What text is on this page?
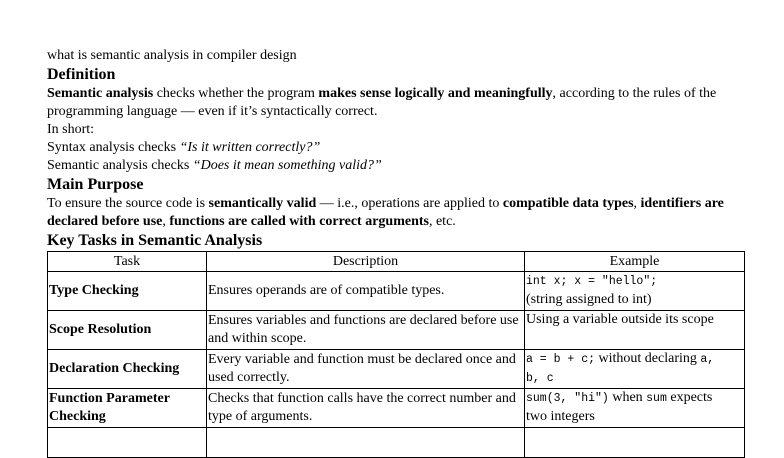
what is semantic analysis in compiler design
Definition
Semantic analysis checks whether the program makes sense logically and meaningfully, according to the rules of the programming language — even if it’s syntactically correct.
In short:
Syntax analysis checks “Is it written correctly?”
Semantic analysis checks “Does it mean something valid?”
Main Purpose
To ensure the source code is semantically valid — i.e., operations are applied to compatible data types, identifiers are declared before use, functions are called with correct arguments, etc.
Key Tasks in Semantic Analysis
Task	Description	Example
Type Checking	Ensures operands are of compatible types.	int x; x = "hello";
(string assigned to int)
Scope Resolution	Ensures variables and functions are declared before use and within scope.	Using a variable outside its scope
Declaration Checking	Every variable and function must be declared once and used correctly.	a = b + c; without declaring a,
b, c
Function Parameter Checking	Checks that function calls have the correct number and type of arguments.	sum(3, "hi") when sum expects
two integers
